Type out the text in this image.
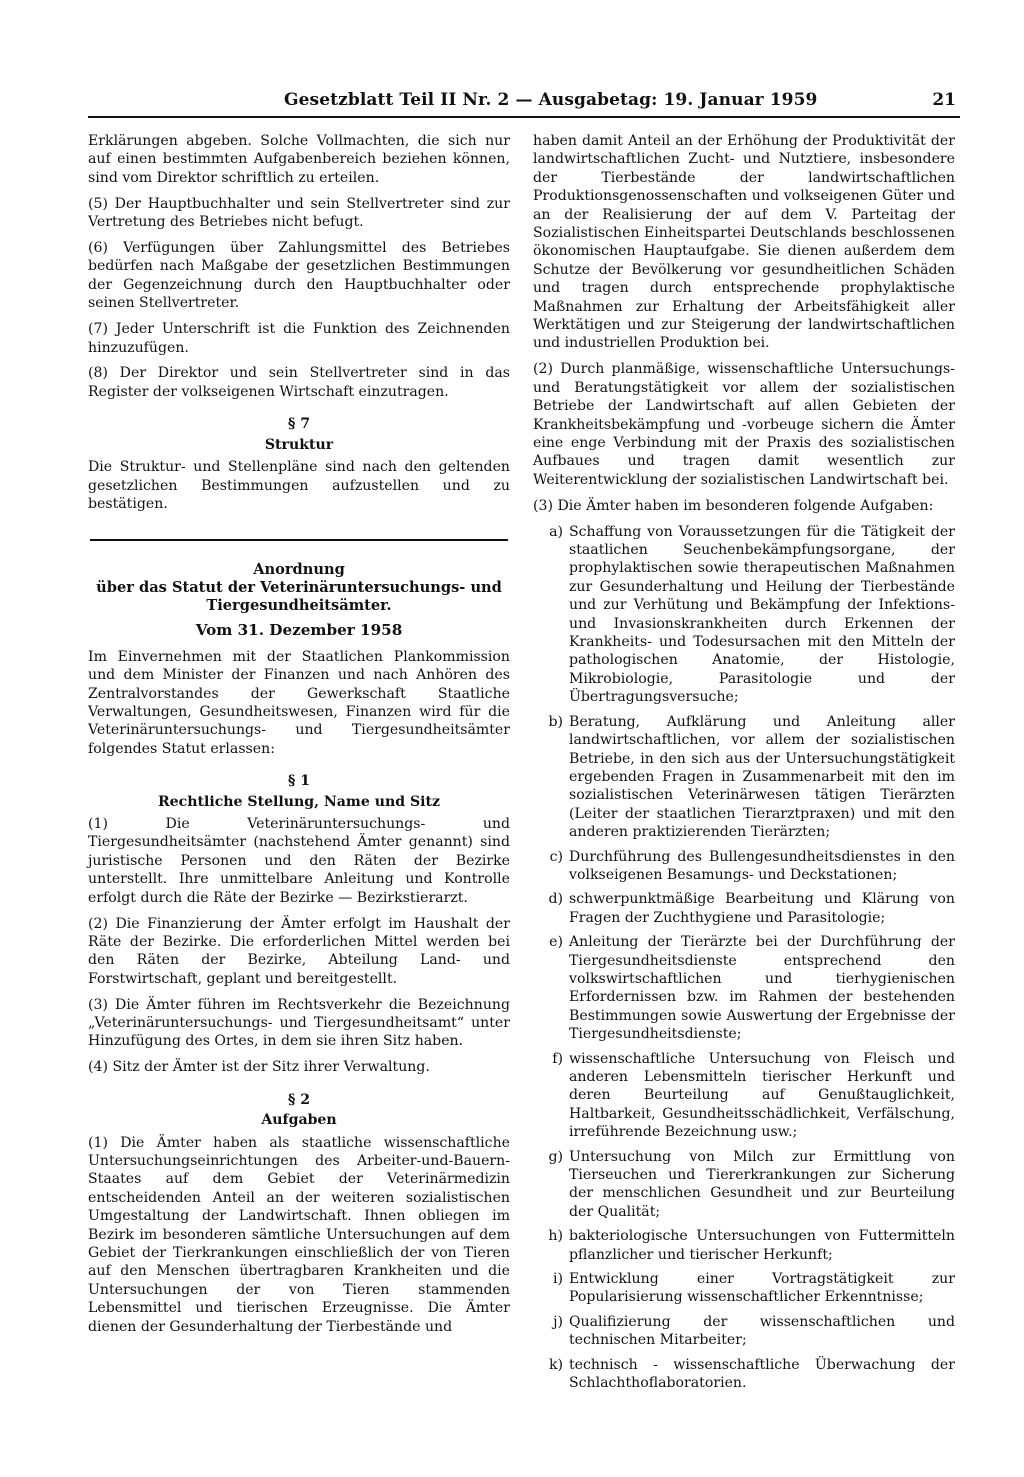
Gesetzblatt Teil II Nr. 2 — Ausgabetag: 19. Januar 1959	21

Erklärungen abgeben. Solche Vollmachten, die sich nur auf einen bestimmten Aufgabenbereich beziehen können, sind vom Direktor schriftlich zu erteilen.

(5) Der Hauptbuchhalter und sein Stellvertreter sind zur Vertretung des Betriebes nicht befugt.

(6) Verfügungen über Zahlungsmittel des Betriebes bedürfen nach Maßgabe der gesetzlichen Bestimmungen der Gegenzeichnung durch den Hauptbuchhalter oder seinen Stellvertreter.

(7) Jeder Unterschrift ist die Funktion des Zeichnenden hinzuzufügen.

(8) Der Direktor und sein Stellvertreter sind in das Register der volkseigenen Wirtschaft einzutragen.

§ 7
Struktur

Die Struktur- und Stellenpläne sind nach den geltenden gesetzlichen Bestimmungen aufzustellen und zu bestätigen.

Anordnung
über das Statut der Veterinäruntersuchungs- und Tiergesundheitsämter.
Vom 31. Dezember 1958

Im Einvernehmen mit der Staatlichen Plankommission und dem Minister der Finanzen und nach Anhören des Zentralvorstandes der Gewerkschaft Staatliche Verwaltungen, Gesundheitswesen, Finanzen wird für die Veterinäruntersuchungs- und Tiergesundheitsämter folgendes Statut erlassen:

§ 1
Rechtliche Stellung, Name und Sitz

(1) Die Veterinäruntersuchungs- und Tiergesundheitsämter (nachstehend Ämter genannt) sind juristische Personen und den Räten der Bezirke unterstellt. Ihre unmittelbare Anleitung und Kontrolle erfolgt durch die Räte der Bezirke — Bezirkstierarzt.

(2) Die Finanzierung der Ämter erfolgt im Haushalt der Räte der Bezirke. Die erforderlichen Mittel werden bei den Räten der Bezirke, Abteilung Land- und Forstwirtschaft, geplant und bereitgestellt.

(3) Die Ämter führen im Rechtsverkehr die Bezeichnung „Veterinäruntersuchungs- und Tiergesundheitsamt“ unter Hinzufügung des Ortes, in dem sie ihren Sitz haben.

(4) Sitz der Ämter ist der Sitz ihrer Verwaltung.

§ 2
Aufgaben

(1) Die Ämter haben als staatliche wissenschaftliche Untersuchungseinrichtungen des Arbeiter-und-Bauern-Staates auf dem Gebiet der Veterinärmedizin entscheidenden Anteil an der weiteren sozialistischen Umgestaltung der Landwirtschaft. Ihnen obliegen im Bezirk im besonderen sämtliche Untersuchungen auf dem Gebiet der Tierkrankungen einschließlich der von Tieren auf den Menschen übertragbaren Krankheiten und die Untersuchungen der von Tieren stammenden Lebensmittel und tierischen Erzeugnisse. Die Ämter dienen der Gesunderhaltung der Tierbestände und

haben damit Anteil an der Erhöhung der Produktivität der landwirtschaftlichen Zucht- und Nutztiere, insbesondere der Tierbestände der landwirtschaftlichen Produktionsgenossenschaften und volkseigenen Güter und an der Realisierung der auf dem V. Parteitag der Sozialistischen Einheitspartei Deutschlands beschlossenen ökonomischen Hauptaufgabe. Sie dienen außerdem dem Schutze der Bevölkerung vor gesundheitlichen Schäden und tragen durch entsprechende prophylaktische Maßnahmen zur Erhaltung der Arbeitsfähigkeit aller Werktätigen und zur Steigerung der landwirtschaftlichen und industriellen Produktion bei.

(2) Durch planmäßige, wissenschaftliche Untersuchungs- und Beratungstätigkeit vor allem der sozialistischen Betriebe der Landwirtschaft auf allen Gebieten der Krankheitsbekämpfung und -vorbeuge sichern die Ämter eine enge Verbindung mit der Praxis des sozialistischen Aufbaues und tragen damit wesentlich zur Weiterentwicklung der sozialistischen Landwirtschaft bei.

(3) Die Ämter haben im besonderen folgende Aufgaben:

a) Schaffung von Voraussetzungen für die Tätigkeit der staatlichen Seuchenbekämpfungsorgane, der prophylaktischen sowie therapeutischen Maßnahmen zur Gesunderhaltung und Heilung der Tierbestände und zur Verhütung und Bekämpfung der Infektions- und Invasionskrankheiten durch Erkennen der Krankheits- und Todesursachen mit den Mitteln der pathologischen Anatomie, der Histologie, Mikrobiologie, Parasitologie und der Übertragungsversuche;
b) Beratung, Aufklärung und Anleitung aller landwirtschaftlichen, vor allem der sozialistischen Betriebe, in den sich aus der Untersuchungstätigkeit ergebenden Fragen in Zusammenarbeit mit den im sozialistischen Veterinärwesen tätigen Tierärzten (Leiter der staatlichen Tierarztpraxen) und mit den anderen praktizierenden Tierärzten;
c) Durchführung des Bullengesundheitsdienstes in den volkseigenen Besamungs- und Deckstationen;
d) schwerpunktmäßige Bearbeitung und Klärung von Fragen der Zuchthygiene und Parasitologie;
e) Anleitung der Tierärzte bei der Durchführung der Tiergesundheitsdienste entsprechend den volkswirtschaftlichen und tierhygienischen Erfordernissen bzw. im Rahmen der bestehenden Bestimmungen sowie Auswertung der Ergebnisse der Tiergesundheitsdienste;
f) wissenschaftliche Untersuchung von Fleisch und anderen Lebensmitteln tierischer Herkunft und deren Beurteilung auf Genußtauglichkeit, Haltbarkeit, Gesundheitsschädlichkeit, Verfälschung, irreführende Bezeichnung usw.;
g) Untersuchung von Milch zur Ermittlung von Tierseuchen und Tiererkrankungen zur Sicherung der menschlichen Gesundheit und zur Beurteilung der Qualität;
h) bakteriologische Untersuchungen von Futtermitteln pflanzlicher und tierischer Herkunft;
i) Entwicklung einer Vortragstätigkeit zur Popularisierung wissenschaftlicher Erkenntnisse;
j) Qualifizierung der wissenschaftlichen und technischen Mitarbeiter;
k) technisch - wissenschaftliche Überwachung der Schlachthoflaboratorien.
